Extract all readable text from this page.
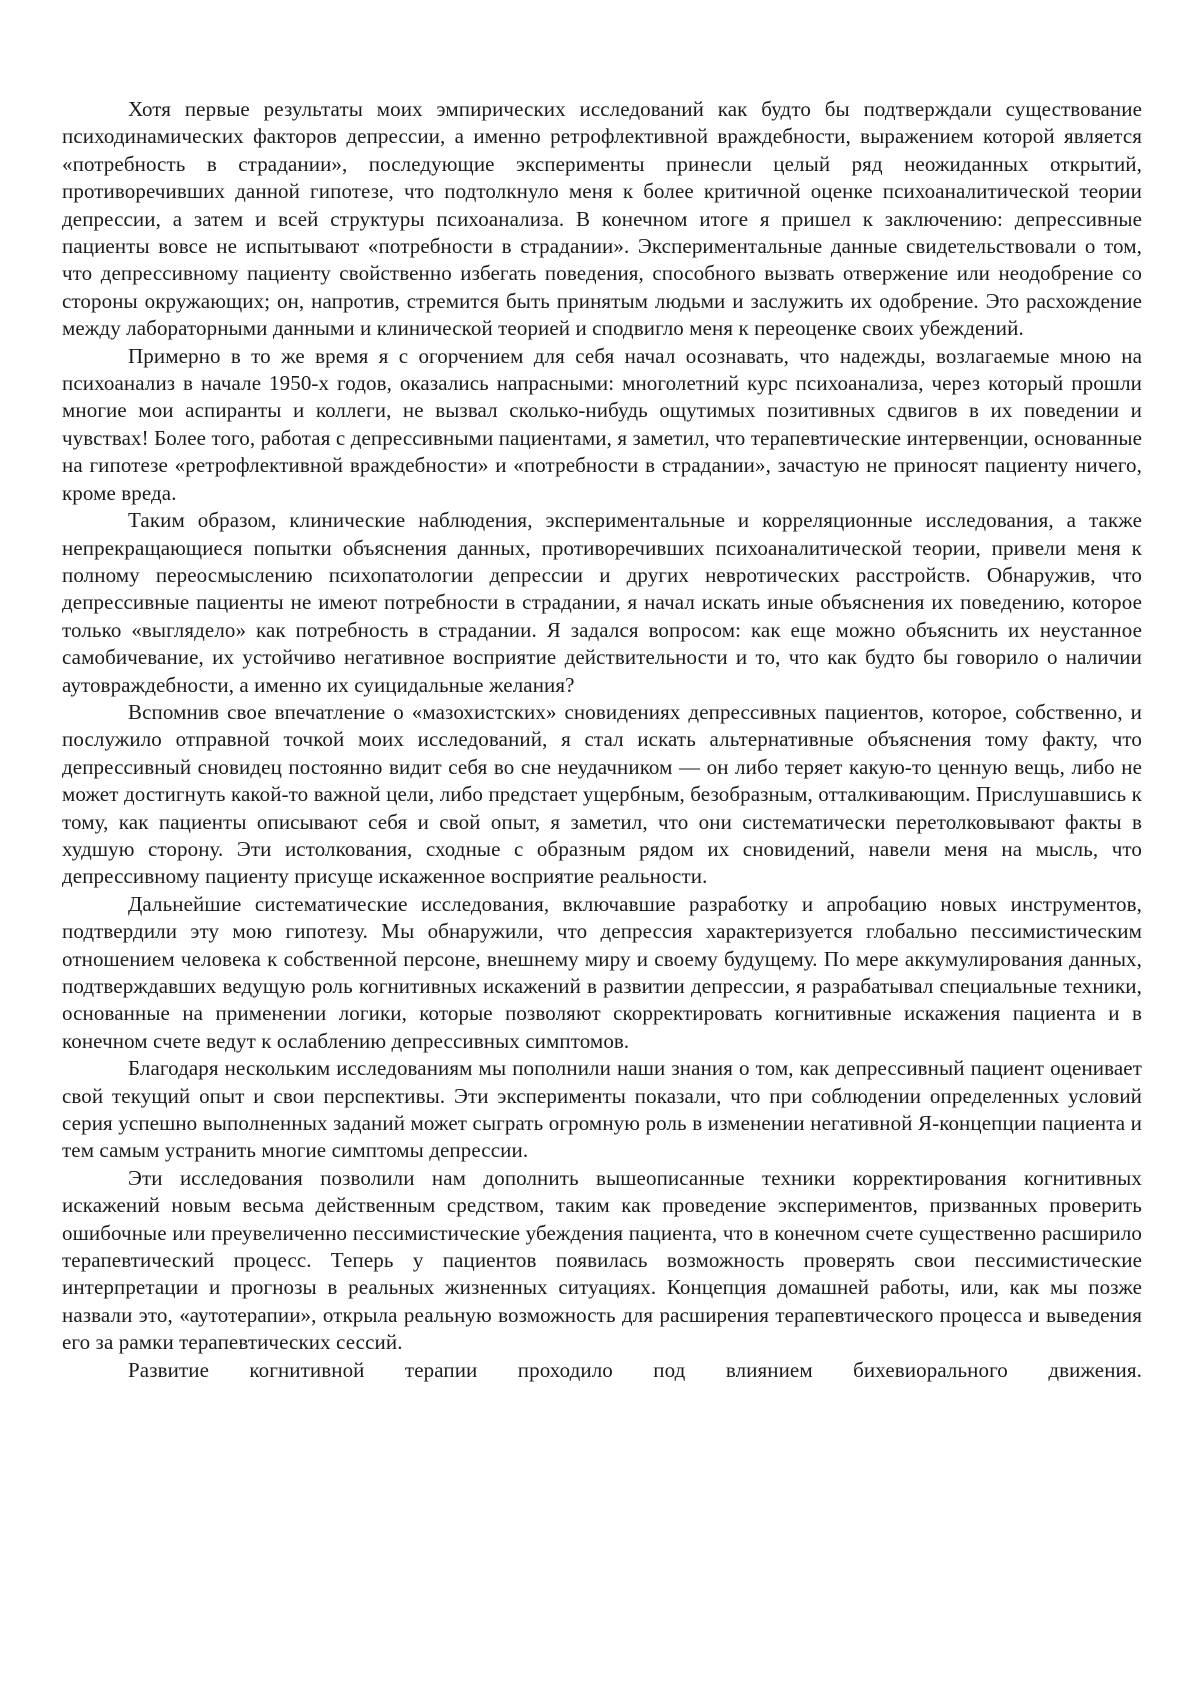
Хотя первые результаты моих эмпирических исследований как будто бы подтверждали существование психодинамических факторов депрессии, а именно ретрофлективной враждебности, выражением которой является «потребность в страдании», последующие эксперименты принесли целый ряд неожиданных открытий, противоречивших данной гипотезе, что подтолкнуло меня к более критичной оценке психоаналитической теории депрессии, а затем и всей структуры психоанализа. В конечном итоге я пришел к заключению: депрессивные пациенты вовсе не испытывают «потребности в страдании». Экспериментальные данные свидетельствовали о том, что депрессивному пациенту свойственно избегать поведения, способного вызвать отвержение или неодобрение со стороны окружающих; он, напротив, стремится быть принятым людьми и заслужить их одобрение. Это расхождение между лабораторными данными и клинической теорией и сподвигло меня к переоценке своих убеждений.

Примерно в то же время я с огорчением для себя начал осознавать, что надежды, возлагаемые мною на психоанализ в начале 1950-х годов, оказались напрасными: многолетний курс психоанализа, через который прошли многие мои аспиранты и коллеги, не вызвал сколько-нибудь ощутимых позитивных сдвигов в их поведении и чувствах! Более того, работая с депрессивными пациентами, я заметил, что терапевтические интервенции, основанные на гипотезе «ретрофлективной враждебности» и «потребности в страдании», зачастую не приносят пациенту ничего, кроме вреда.

Таким образом, клинические наблюдения, экспериментальные и корреляционные исследования, а также непрекращающиеся попытки объяснения данных, противоречивших психоаналитической теории, привели меня к полному переосмыслению психопатологии депрессии и других невротических расстройств. Обнаружив, что депрессивные пациенты не имеют потребности в страдании, я начал искать иные объяснения их поведению, которое только «выглядело» как потребность в страдании. Я задался вопросом: как еще можно объяснить их неустанное самобичевание, их устойчиво негативное восприятие действительности и то, что как будто бы говорило о наличии аутовраждебности, а именно их суицидальные желания?

Вспомнив свое впечатление о «мазохистских» сновидениях депрессивных пациентов, которое, собственно, и послужило отправной точкой моих исследований, я стал искать альтернативные объяснения тому факту, что депрессивный сновидец постоянно видит себя во сне неудачником — он либо теряет какую-то ценную вещь, либо не может достигнуть какой-то важной цели, либо предстает ущербным, безобразным, отталкивающим. Прислушавшись к тому, как пациенты описывают себя и свой опыт, я заметил, что они систематически перетолковывают факты в худшую сторону. Эти истолкования, сходные с образным рядом их сновидений, навели меня на мысль, что депрессивному пациенту присуще искаженное восприятие реальности.

Дальнейшие систематические исследования, включавшие разработку и апробацию новых инструментов, подтвердили эту мою гипотезу. Мы обнаружили, что депрессия характеризуется глобально пессимистическим отношением человека к собственной персоне, внешнему миру и своему будущему. По мере аккумулирования данных, подтверждавших ведущую роль когнитивных искажений в развитии депрессии, я разрабатывал специальные техники, основанные на применении логики, которые позволяют скорректировать когнитивные искажения пациента и в конечном счете ведут к ослаблению депрессивных симптомов.

Благодаря нескольким исследованиям мы пополнили наши знания о том, как депрессивный пациент оценивает свой текущий опыт и свои перспективы. Эти эксперименты показали, что при соблюдении определенных условий серия успешно выполненных заданий может сыграть огромную роль в изменении негативной Я-концепции пациента и тем самым устранить многие симптомы депрессии.

Эти исследования позволили нам дополнить вышеописанные техники корректирования когнитивных искажений новым весьма действенным средством, таким как проведение экспериментов, призванных проверить ошибочные или преувеличенно пессимистические убеждения пациента, что в конечном счете существенно расширило терапевтический процесс. Теперь у пациентов появилась возможность проверять свои пессимистические интерпретации и прогнозы в реальных жизненных ситуациях. Концепция домашней работы, или, как мы позже назвали это, «аутотерапии», открыла реальную возможность для расширения терапевтического процесса и выведения его за рамки терапевтических сессий.

Развитие когнитивной терапии проходило под влиянием бихевиорального движения.
